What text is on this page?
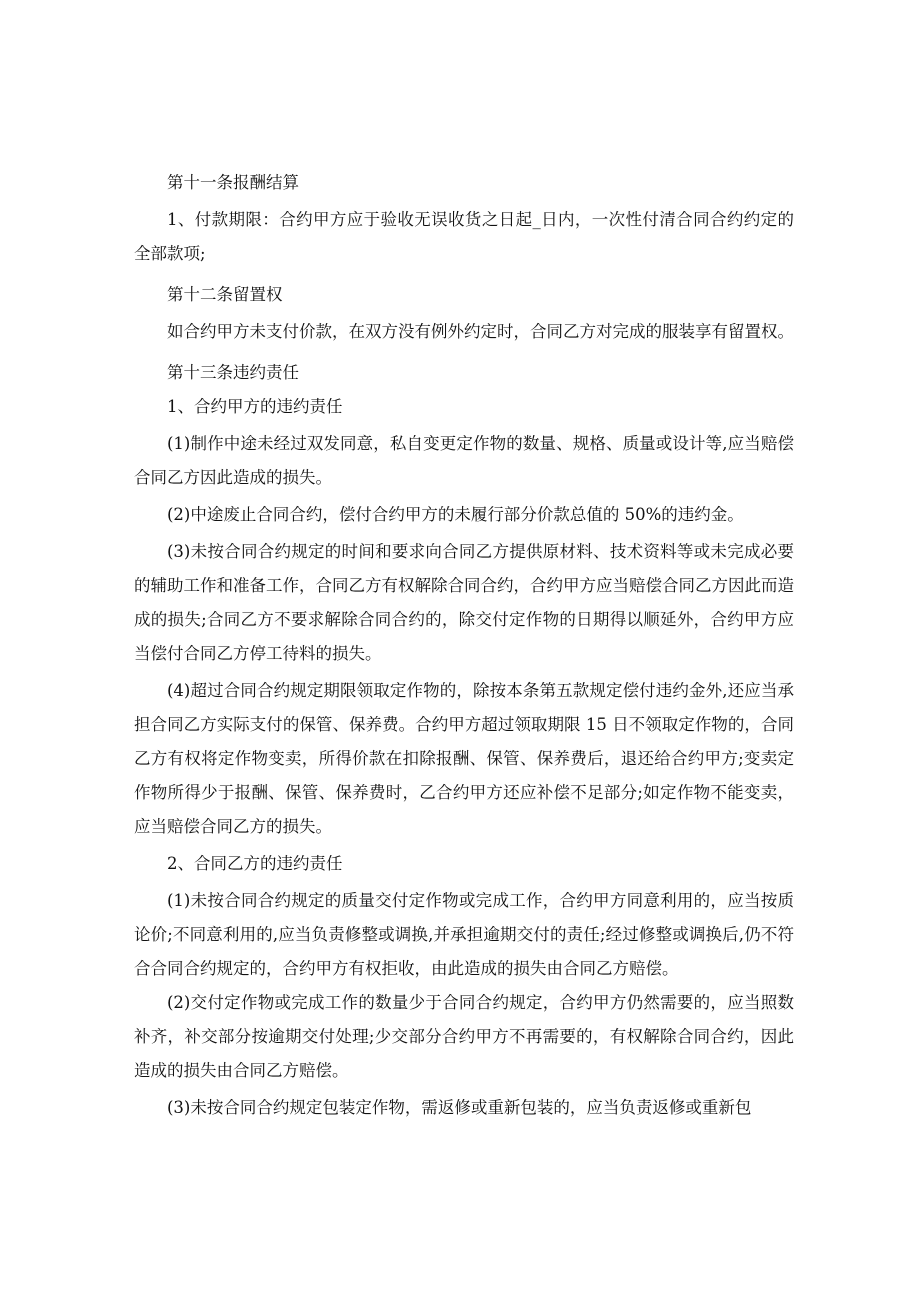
第十一条报酬结算

1、付款期限：合约甲方应于验收无误收货之日起_日内，一次性付清合同合约约定的全部款项;

第十二条留置权

如合约甲方未支付价款，在双方没有例外约定时，合同乙方对完成的服装享有留置权。

第十三条违约责任

1、合约甲方的违约责任

(1)制作中途未经过双发同意，私自变更定作物的数量、规格、质量或设计等,应当赔偿合同乙方因此造成的损失。

(2)中途废止合同合约，偿付合约甲方的未履行部分价款总值的 50%的违约金。

(3)未按合同合约规定的时间和要求向合同乙方提供原材料、技术资料等或未完成必要的辅助工作和准备工作，合同乙方有权解除合同合约，合约甲方应当赔偿合同乙方因此而造成的损失;合同乙方不要求解除合同合约的，除交付定作物的日期得以顺延外，合约甲方应当偿付合同乙方停工待料的损失。

(4)超过合同合约规定期限领取定作物的，除按本条第五款规定偿付违约金外,还应当承担合同乙方实际支付的保管、保养费。合约甲方超过领取期限 15 日不领取定作物的，合同乙方有权将定作物变卖，所得价款在扣除报酬、保管、保养费后，退还给合约甲方;变卖定作物所得少于报酬、保管、保养费时，乙合约甲方还应补偿不足部分;如定作物不能变卖，应当赔偿合同乙方的损失。

2、合同乙方的违约责任

(1)未按合同合约规定的质量交付定作物或完成工作，合约甲方同意利用的，应当按质论价;不同意利用的,应当负责修整或调换,并承担逾期交付的责任;经过修整或调换后,仍不符合合同合约规定的，合约甲方有权拒收，由此造成的损失由合同乙方赔偿。

(2)交付定作物或完成工作的数量少于合同合约规定，合约甲方仍然需要的，应当照数补齐，补交部分按逾期交付处理;少交部分合约甲方不再需要的，有权解除合同合约，因此造成的损失由合同乙方赔偿。

(3)未按合同合约规定包装定作物，需返修或重新包装的，应当负责返修或重新包
